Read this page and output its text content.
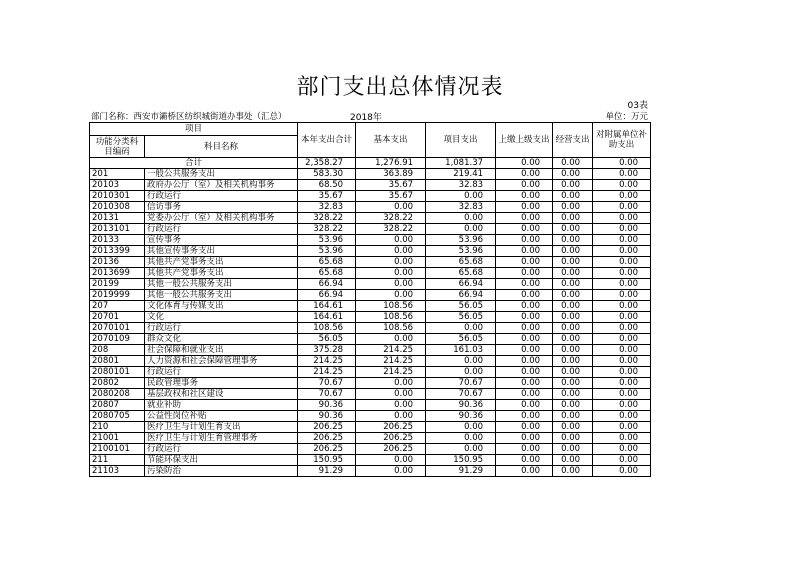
部门支出总体情况表
03表
部门名称：西安市灞桥区纺织城街道办事处（汇总）	2018年	单位：万元
项目		本年支出合计	基本支出	项目支出	上缴上级支出	经营支出	对附属单位补助支出
功能分类科目编码	科目名称						
合计		2,358.27	1,276.91	1,081.37	0.00	0.00	0.00
201	一般公共服务支出	583.30	363.89	219.41	0.00	0.00	0.00
20103	政府办公厅（室）及相关机构事务	68.50	35.67	32.83	0.00	0.00	0.00
2010301	行政运行	35.67	35.67	0.00	0.00	0.00	0.00
2010308	信访事务	32.83	0.00	32.83	0.00	0.00	0.00
20131	党委办公厅（室）及相关机构事务	328.22	328.22	0.00	0.00	0.00	0.00
2013101	行政运行	328.22	328.22	0.00	0.00	0.00	0.00
20133	宣传事务	53.96	0.00	53.96	0.00	0.00	0.00
2013399	其他宣传事务支出	53.96	0.00	53.96	0.00	0.00	0.00
20136	其他共产党事务支出	65.68	0.00	65.68	0.00	0.00	0.00
2013699	其他共产党事务支出	65.68	0.00	65.68	0.00	0.00	0.00
20199	其他一般公共服务支出	66.94	0.00	66.94	0.00	0.00	0.00
2019999	其他一般公共服务支出	66.94	0.00	66.94	0.00	0.00	0.00
207	文化体育与传媒支出	164.61	108.56	56.05	0.00	0.00	0.00
20701	文化	164.61	108.56	56.05	0.00	0.00	0.00
2070101	行政运行	108.56	108.56	0.00	0.00	0.00	0.00
2070109	群众文化	56.05	0.00	56.05	0.00	0.00	0.00
208	社会保障和就业支出	375.28	214.25	161.03	0.00	0.00	0.00
20801	人力资源和社会保障管理事务	214.25	214.25	0.00	0.00	0.00	0.00
2080101	行政运行	214.25	214.25	0.00	0.00	0.00	0.00
20802	民政管理事务	70.67	0.00	70.67	0.00	0.00	0.00
2080208	基层政权和社区建设	70.67	0.00	70.67	0.00	0.00	0.00
20807	就业补助	90.36	0.00	90.36	0.00	0.00	0.00
2080705	公益性岗位补贴	90.36	0.00	90.36	0.00	0.00	0.00
210	医疗卫生与计划生育支出	206.25	206.25	0.00	0.00	0.00	0.00
21001	医疗卫生与计划生育管理事务	206.25	206.25	0.00	0.00	0.00	0.00
2100101	行政运行	206.25	206.25	0.00	0.00	0.00	0.00
211	节能环保支出	150.95	0.00	150.95	0.00	0.00	0.00
21103	污染防治	91.29	0.00	91.29	0.00	0.00	0.00
